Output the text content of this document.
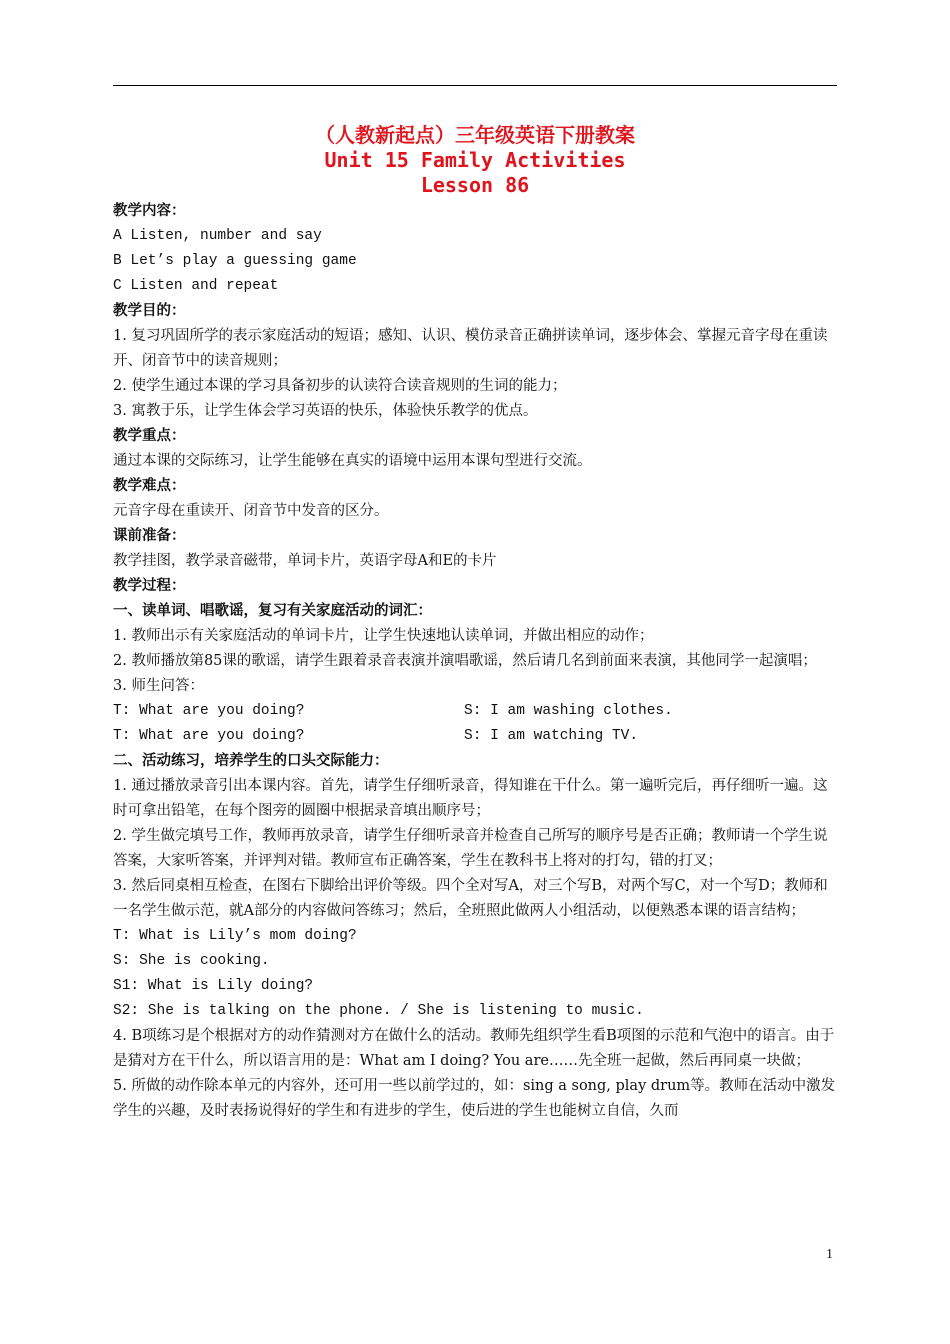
（人教新起点）三年级英语下册教案
Unit 15 Family Activities
Lesson 86

教学内容：

A Listen, number and say

B Let’s play a guessing game

C Listen and repeat

教学目的：

1. 复习巩固所学的表示家庭活动的短语；感知、认识、模仿录音正确拼读单词，逐步体会、掌握元音字母在重读开、闭音节中的读音规则；

2. 使学生通过本课的学习具备初步的认读符合读音规则的生词的能力；

3. 寓教于乐，让学生体会学习英语的快乐，体验快乐教学的优点。

教学重点：

通过本课的交际练习，让学生能够在真实的语境中运用本课句型进行交流。

教学难点：

元音字母在重读开、闭音节中发音的区分。

课前准备：

教学挂图，教学录音磁带，单词卡片，英语字母A和E的卡片

教学过程：

一、读单词、唱歌谣，复习有关家庭活动的词汇：

1. 教师出示有关家庭活动的单词卡片，让学生快速地认读单词，并做出相应的动作；

2. 教师播放第85课的歌谣，请学生跟着录音表演并演唱歌谣，然后请几名到前面来表演，其他同学一起演唱；

3. 师生问答：

T: What are you doing?	S: I am washing clothes.
T: What are you doing?	S: I am watching TV.

二、活动练习，培养学生的口头交际能力：

1. 通过播放录音引出本课内容。首先，请学生仔细听录音，得知谁在干什么。第一遍听完后，再仔细听一遍。这时可拿出铅笔，在每个图旁的圆圈中根据录音填出顺序号；

2. 学生做完填号工作，教师再放录音，请学生仔细听录音并检查自己所写的顺序号是否正确；教师请一个学生说答案，大家听答案，并评判对错。教师宣布正确答案，学生在教科书上将对的打勾，错的打叉；

3. 然后同桌相互检查，在图右下脚给出评价等级。四个全对写A，对三个写B，对两个写C，对一个写D；教师和一名学生做示范，就A部分的内容做问答练习；然后，全班照此做两人小组活动，以便熟悉本课的语言结构；

T: What is Lily’s mom doing?

S: She is cooking.

S1: What is Lily doing?

S2: She is talking on the phone. / She is listening to music.

4. B项练习是个根据对方的动作猜测对方在做什么的活动。教师先组织学生看B项图的示范和气泡中的语言。由于是猜对方在干什么，所以语言用的是：What am I doing? You are……先全班一起做，然后再同桌一块做；

5. 所做的动作除本单元的内容外，还可用一些以前学过的，如：sing a song, play drum等。教师在活动中激发学生的兴趣，及时表扬说得好的学生和有进步的学生，使后进的学生也能树立自信，久而

1
